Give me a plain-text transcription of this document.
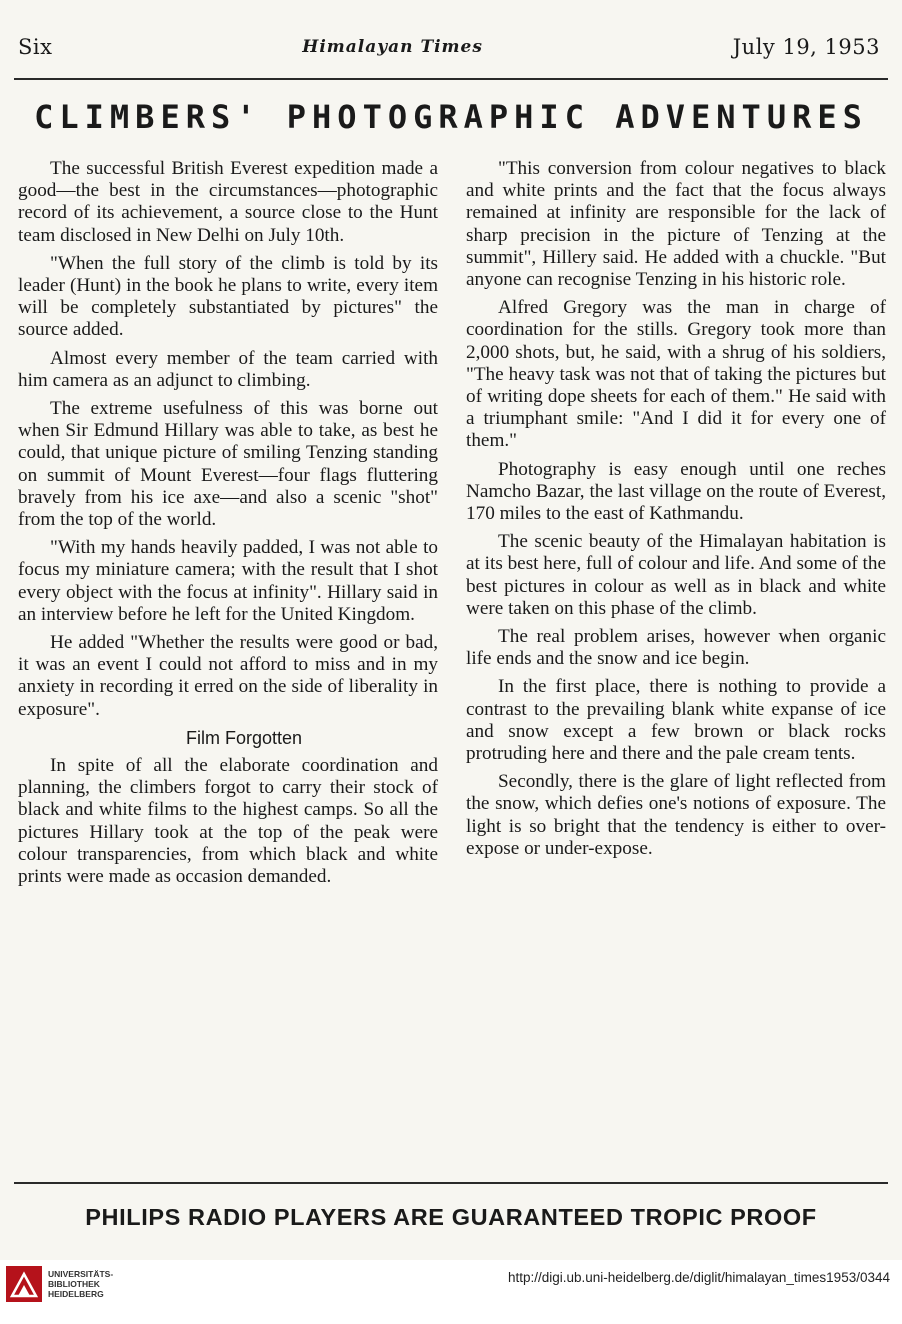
Six	Himalayan Times	July 19, 1953
CLIMBERS' PHOTOGRAPHIC ADVENTURES

The successful British Everest expedition made a good—the best in the circumstances—photographic record of its achievement, a source close to the Hunt team disclosed in New Delhi on July 10th.

"When the full story of the climb is told by its leader (Hunt) in the book he plans to write, every item will be completely substantiated by pictures" the source added.

Almost every member of the team carried with him camera as an adjunct to climbing.

The extreme usefulness of this was borne out when Sir Edmund Hillary was able to take, as best he could, that unique picture of smiling Tenzing standing on summit of Mount Everest—four flags fluttering bravely from his ice axe—and also a scenic "shot" from the top of the world.

"With my hands heavily padded, I was not able to focus my miniature camera; with the result that I shot every object with the focus at infinity". Hillary said in an interview before he left for the United Kingdom.

He added "Whether the results were good or bad, it was an event I could not afford to miss and in my anxiety in recording it erred on the side of liberality in exposure".

Film Forgotten

In spite of all the elaborate coordination and planning, the climbers forgot to carry their stock of black and white films to the highest camps. So all the pictures Hillary took at the top of the peak were colour transparencies, from which black and white prints were made as occasion demanded.

"This conversion from colour negatives to black and white prints and the fact that the focus always remained at infinity are responsible for the lack of sharp precision in the picture of Tenzing at the summit", Hillery said. He added with a chuckle. "But anyone can recognise Tenzing in his historic role.

Alfred Gregory was the man in charge of coordination for the stills. Gregory took more than 2,000 shots, but, he said, with a shrug of his soldiers, "The heavy task was not that of taking the pictures but of writing dope sheets for each of them." He said with a triumphant smile: "And I did it for every one of them."

Photography is easy enough until one reches Namcho Bazar, the last village on the route of Everest, 170 miles to the east of Kathmandu.

The scenic beauty of the Himalayan habitation is at its best here, full of colour and life. And some of the best pictures in colour as well as in black and white were taken on this phase of the climb.

The real problem arises, however when organic life ends and the snow and ice begin.

In the first place, there is nothing to provide a contrast to the prevailing blank white expanse of ice and snow except a few brown or black rocks protruding here and there and the pale cream tents.

Secondly, there is the glare of light reflected from the snow, which defies one's notions of exposure. The light is so bright that the tendency is either to over-expose or under-expose.

PHILIPS RADIO PLAYERS ARE GUARANTEED TROPIC PROOF
UNIVERSITÄTS-
BIBLIOTHEK
HEIDELBERG
http://digi.ub.uni-heidelberg.de/diglit/himalayan_times1953/0344
